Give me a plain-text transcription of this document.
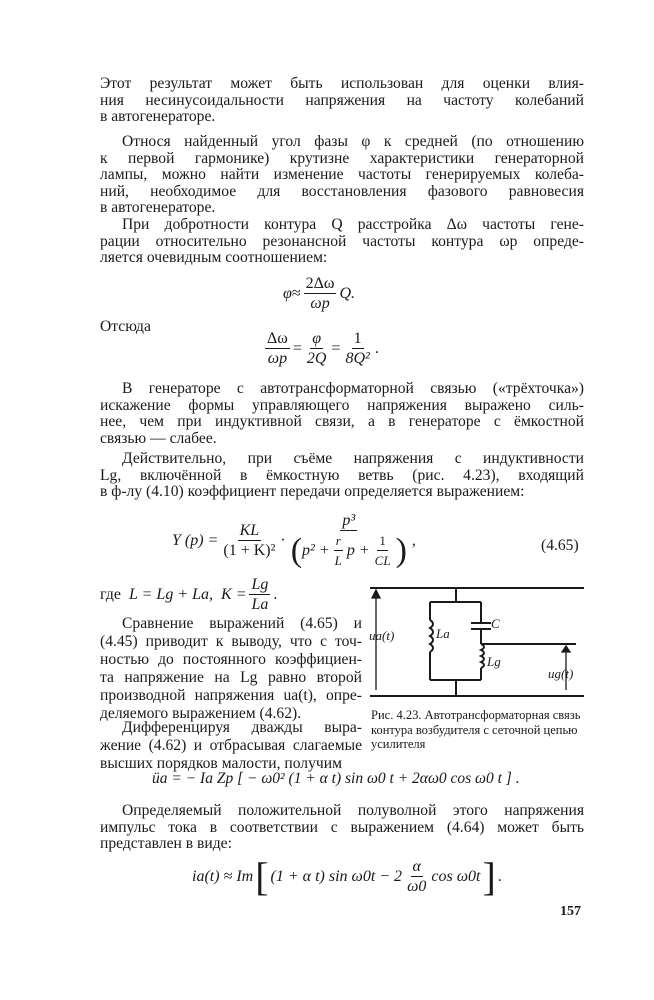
Этот результат может быть использован для оценки влия-
ния несинусоидальности напряжения на частоту колебаний
в автогенераторе.

Относя найденный угол фазы φ к средней (по отношению
к первой гармонике) крутизне характеристики генераторной
лампы, можно найти изменение частоты генерируемых колеба-
ний, необходимое для восстановления фазового равновесия
в автогенераторе.

При добротности контура Q расстройка Δω частоты гене-
рации относительно резонансной частоты контура ωp опреде-
ляется очевидным соотношением:

$\varphi \approx \frac{2\Delta\omega}{\omega p} Q$.
Отсюда
$\frac{\Delta\omega}{\omega p} = \frac{\varphi}{2Q} = \frac{1}{\text{8Q²}}$ .

В генераторе с автотрансформаторной связью («трёхточка»)
искажение формы управляющего напряжения выражено силь-
нее, чем при индуктивной связи, а в генераторе с ёмкостной
связью — слабее.

Действительно, при съёме напряжения с индуктивности
Lg, включённой в ёмкостную ветвь (рис. 4.23), входящий
в ф-лу (4.10) коэффициент передачи определяется выражением:

Y $(p) = \frac{KL}{\text{(1 + K)²}}$ ·
p³
( $p^2 + \frac{r}{L}$ $p + \frac{1}{CL}$ ) ,	(4.65)
где L = Lg + La, $K = \frac{Lg}{La}$ .
Сравнение выражений (4.65) и
(4.45) приводит к выводу, что с точ-
ностью до постоянного коэффициен-
та напряжение на Lg равно второй
производной напряжения ua(t), опре-
деляемого выражением (4.62).
Дифференцируя дважды выра-
жение (4.62) и отбрасывая слагаемые
высших порядков малости, получим
ua(t)	La
C
Lg
ug(t)
Рис. 4.23. Автотрансформаторная связь контура возбудителя с сеточной цепью усилителя
üa = − Ia Zp [ − ω0² (1 + α t) sin ω0 t + 2αω0 cos ω0 t ] .

Определяемый положительной полуволной этого напряжения
импульс тока в соответствии с выражением (4.64) может быть
представлен в виде:

ia(t) ≈ Im [ (1 + α t) $\sin \omega 0t - 2 \frac{\alpha}{\omega 0}$ cos ω0t ] .
157
